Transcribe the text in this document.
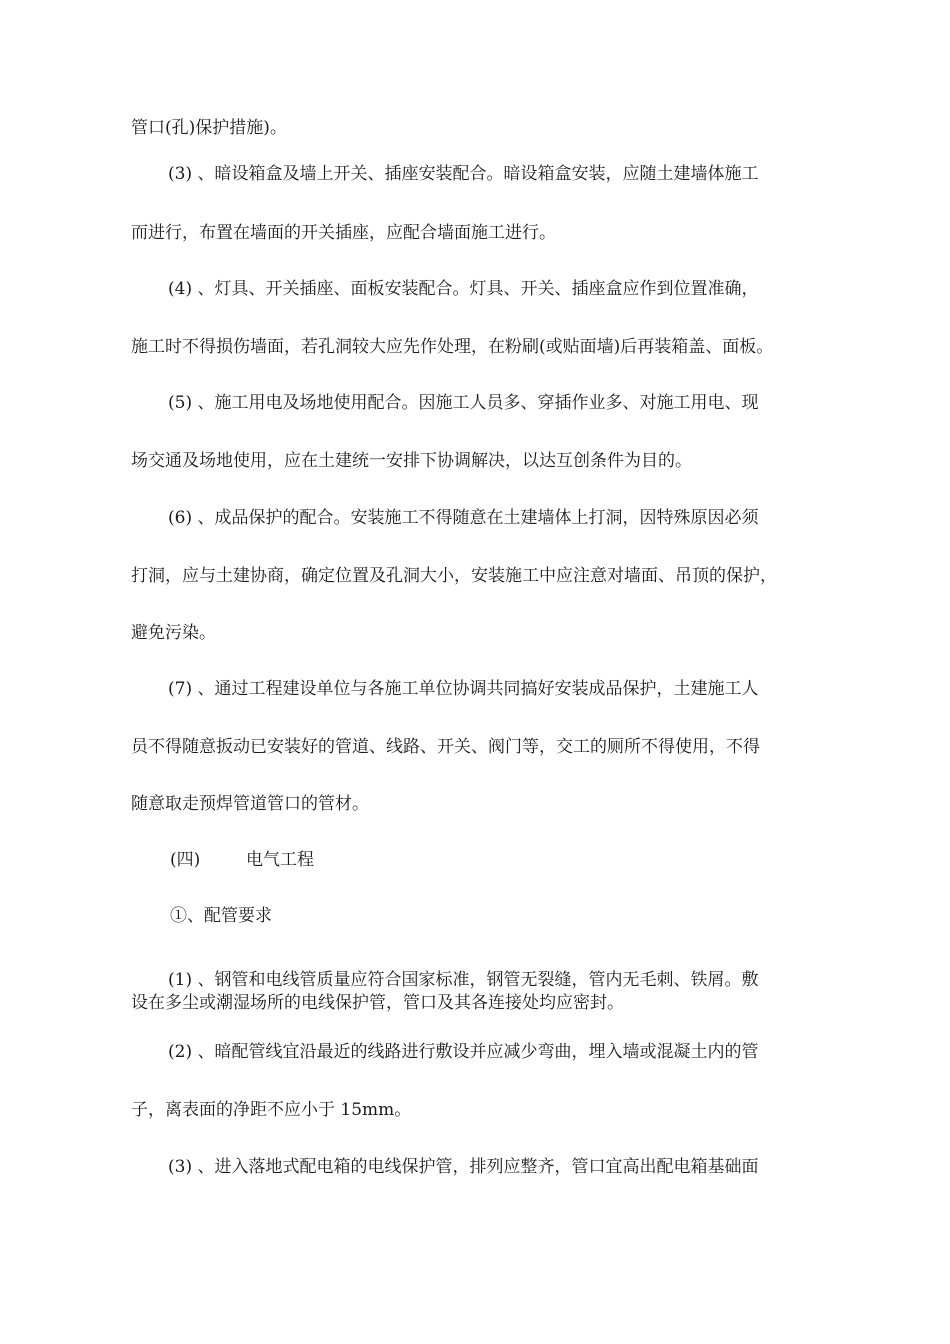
管口(孔)保护措施)。
(3) 、暗设箱盒及墙上开关、插座安装配合。暗设箱盒安装，应随土建墙体施工
而进行，布置在墙面的开关插座，应配合墙面施工进行。
(4) 、灯具、开关插座、面板安装配合。灯具、开关、插座盒应作到位置准确，
施工时不得损伤墙面，若孔洞较大应先作处理，在粉刷(或贴面墙)后再装箱盖、面板。
(5) 、施工用电及场地使用配合。因施工人员多、穿插作业多、对施工用电、现
场交通及场地使用，应在土建统一安排下协调解决，以达互创条件为目的。
(6) 、成品保护的配合。安装施工不得随意在土建墙体上打洞，因特殊原因必须
打洞，应与土建协商，确定位置及孔洞大小，安装施工中应注意对墙面、吊顶的保护，
避免污染。
(7) 、通过工程建设单位与各施工单位协调共同搞好安装成品保护，土建施工人
员不得随意扳动已安装好的管道、线路、开关、阀门等，交工的厕所不得使用，不得
随意取走预焊管道管口的管材。
(四)	电气工程
①、配管要求
(1) 、钢管和电线管质量应符合国家标准，钢管无裂缝，管内无毛刺、铁屑。敷
设在多尘或潮湿场所的电线保护管，管口及其各连接处均应密封。
(2) 、暗配管线宜沿最近的线路进行敷设并应减少弯曲，埋入墙或混凝土内的管
子，离表面的净距不应小于 15mm。
(3) 、进入落地式配电箱的电线保护管，排列应整齐，管口宜高出配电箱基础面
